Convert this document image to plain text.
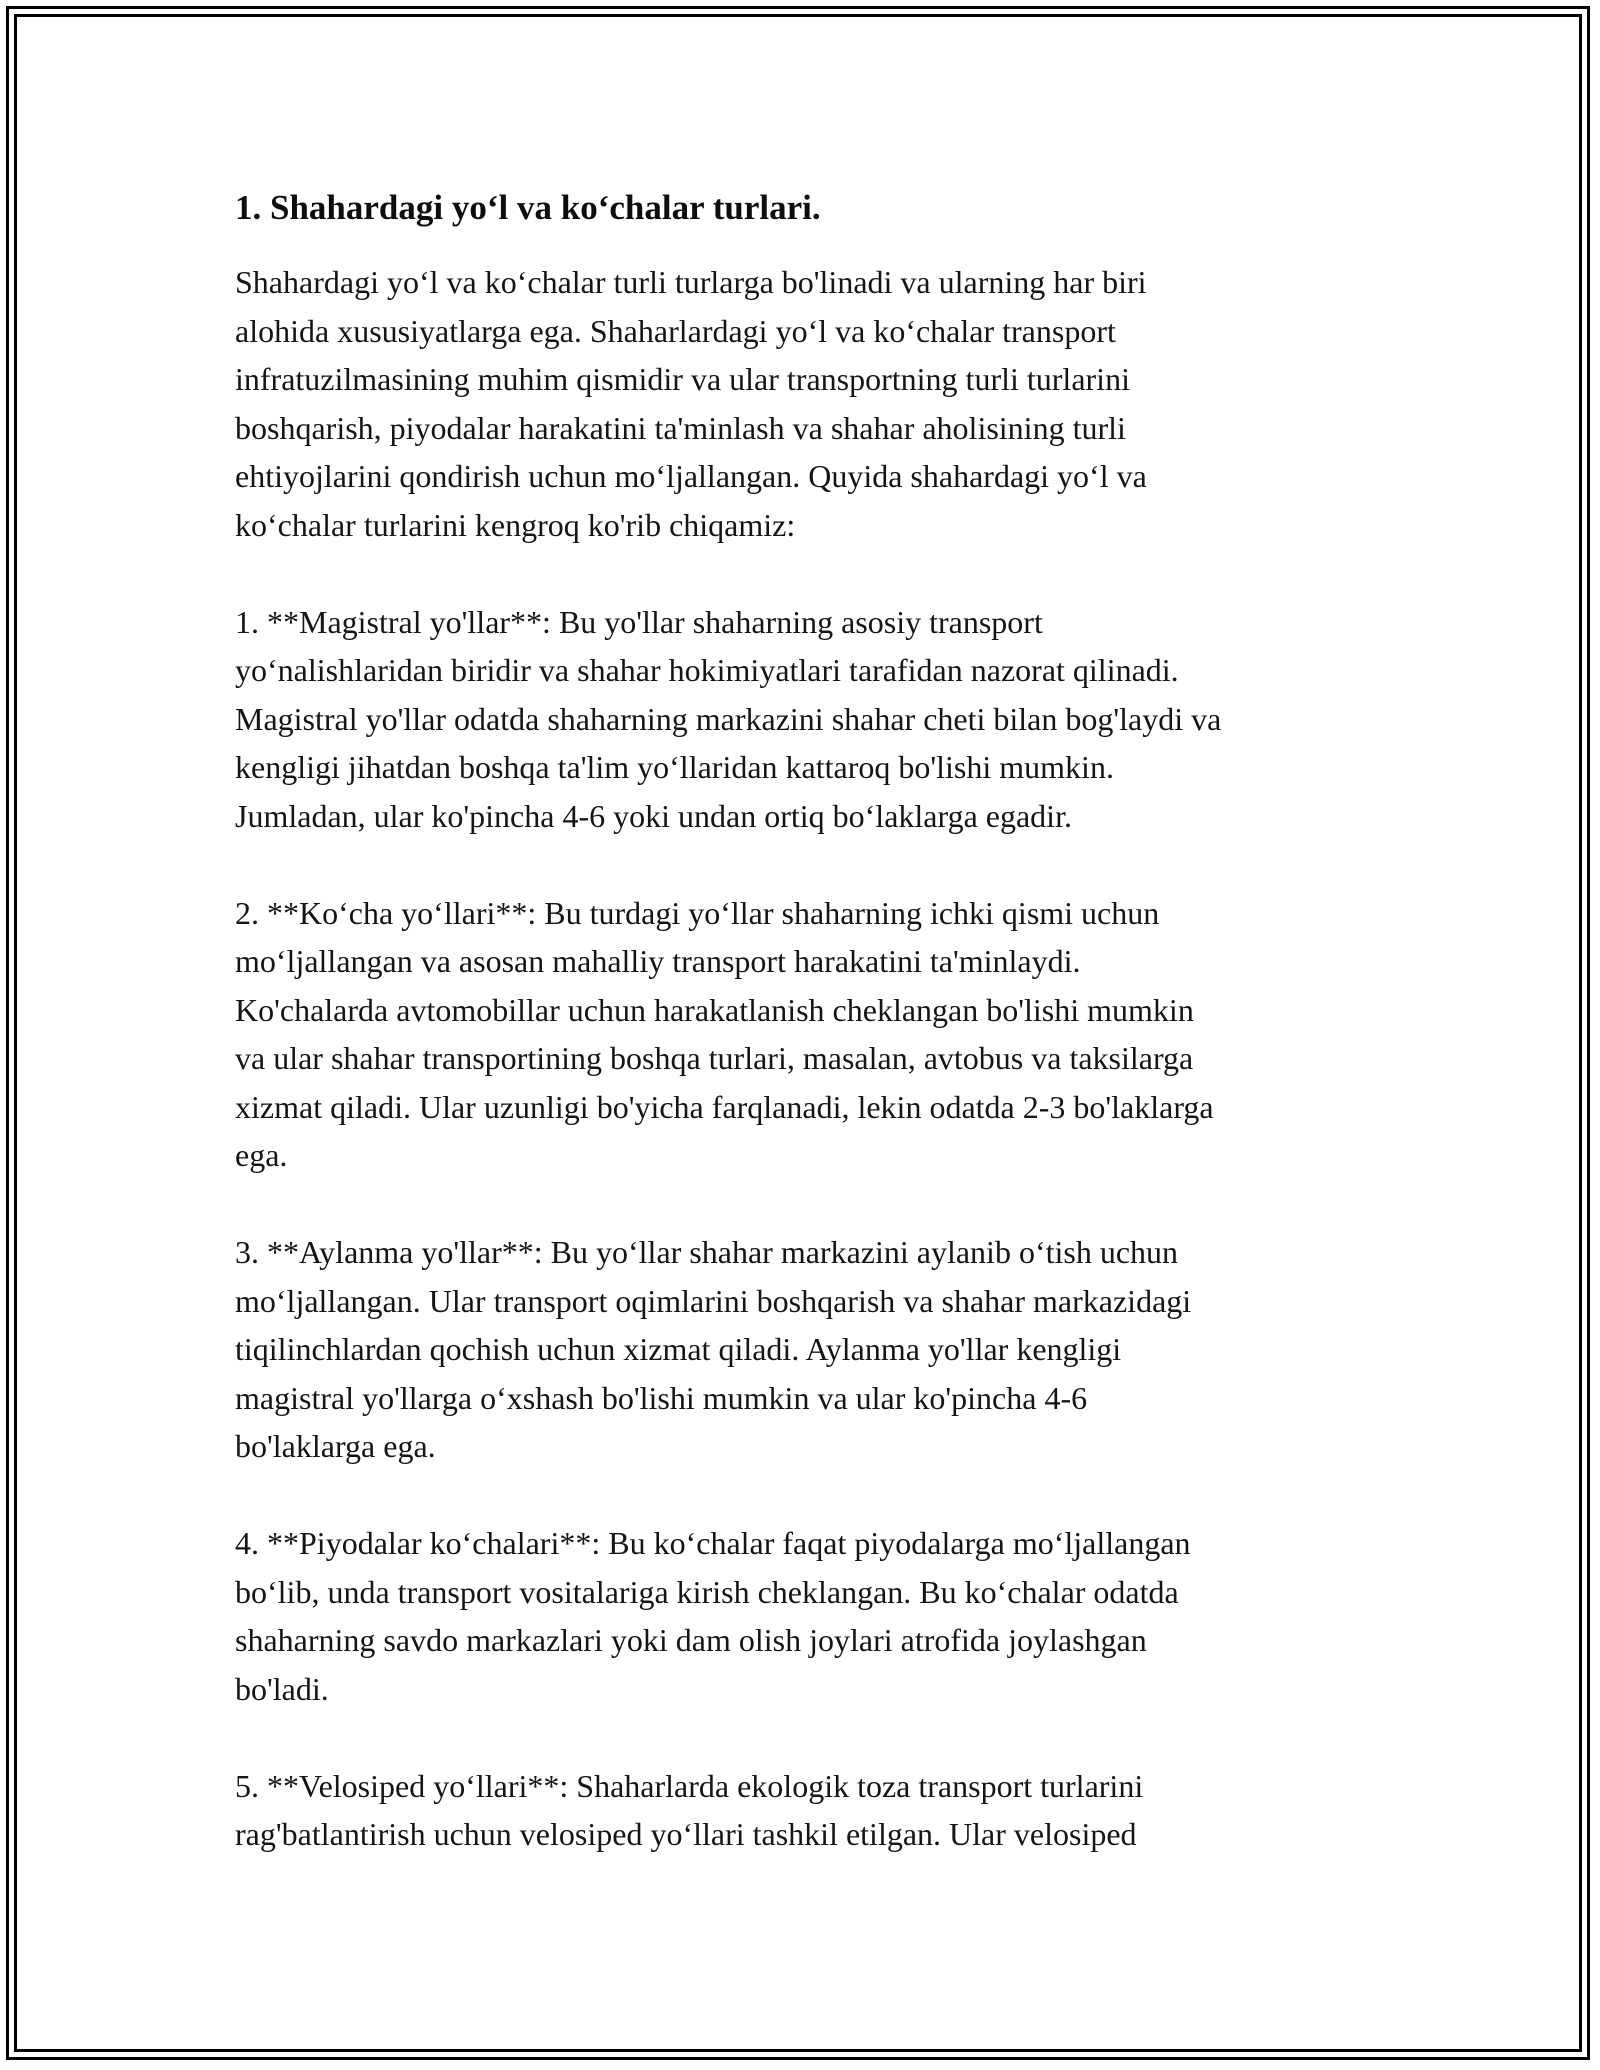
1. Shahardagi yo‘l va ko‘chalar turlari.

Shahardagi yo‘l va ko‘chalar turli turlarga bo'linadi va ularning har biri
alohida xususiyatlarga ega. Shaharlardagi yo‘l va ko‘chalar transport
infratuzilmasining muhim qismidir va ular transportning turli turlarini
boshqarish, piyodalar harakatini ta'minlash va shahar aholisining turli
ehtiyojlarini qondirish uchun mo‘ljallangan. Quyida shahardagi yo‘l va
ko‘chalar turlarini kengroq ko'rib chiqamiz:

1. **Magistral yo'llar**: Bu yo'llar shaharning asosiy transport
yo‘nalishlaridan biridir va shahar hokimiyatlari tarafidan nazorat qilinadi.
Magistral yo'llar odatda shaharning markazini shahar cheti bilan bog'laydi va
kengligi jihatdan boshqa ta'lim yo‘llaridan kattaroq bo'lishi mumkin.
Jumladan, ular ko'pincha 4-6 yoki undan ortiq bo‘laklarga egadir.

2. **Ko‘cha yo‘llari**: Bu turdagi yo‘llar shaharning ichki qismi uchun
mo‘ljallangan va asosan mahalliy transport harakatini ta'minlaydi.
Ko'chalarda avtomobillar uchun harakatlanish cheklangan bo'lishi mumkin
va ular shahar transportining boshqa turlari, masalan, avtobus va taksilarga
xizmat qiladi. Ular uzunligi bo'yicha farqlanadi, lekin odatda 2-3 bo'laklarga
ega.

3. **Aylanma yo'llar**: Bu yo‘llar shahar markazini aylanib o‘tish uchun
mo‘ljallangan. Ular transport oqimlarini boshqarish va shahar markazidagi
tiqilinchlardan qochish uchun xizmat qiladi. Aylanma yo'llar kengligi
magistral yo'llarga o‘xshash bo'lishi mumkin va ular ko'pincha 4-6
bo'laklarga ega.

4. **Piyodalar ko‘chalari**: Bu ko‘chalar faqat piyodalarga mo‘ljallangan
bo‘lib, unda transport vositalariga kirish cheklangan. Bu ko‘chalar odatda
shaharning savdo markazlari yoki dam olish joylari atrofida joylashgan
bo'ladi.

5. **Velosiped yo‘llari**: Shaharlarda ekologik toza transport turlarini
rag'batlantirish uchun velosiped yo‘llari tashkil etilgan. Ular velosiped
